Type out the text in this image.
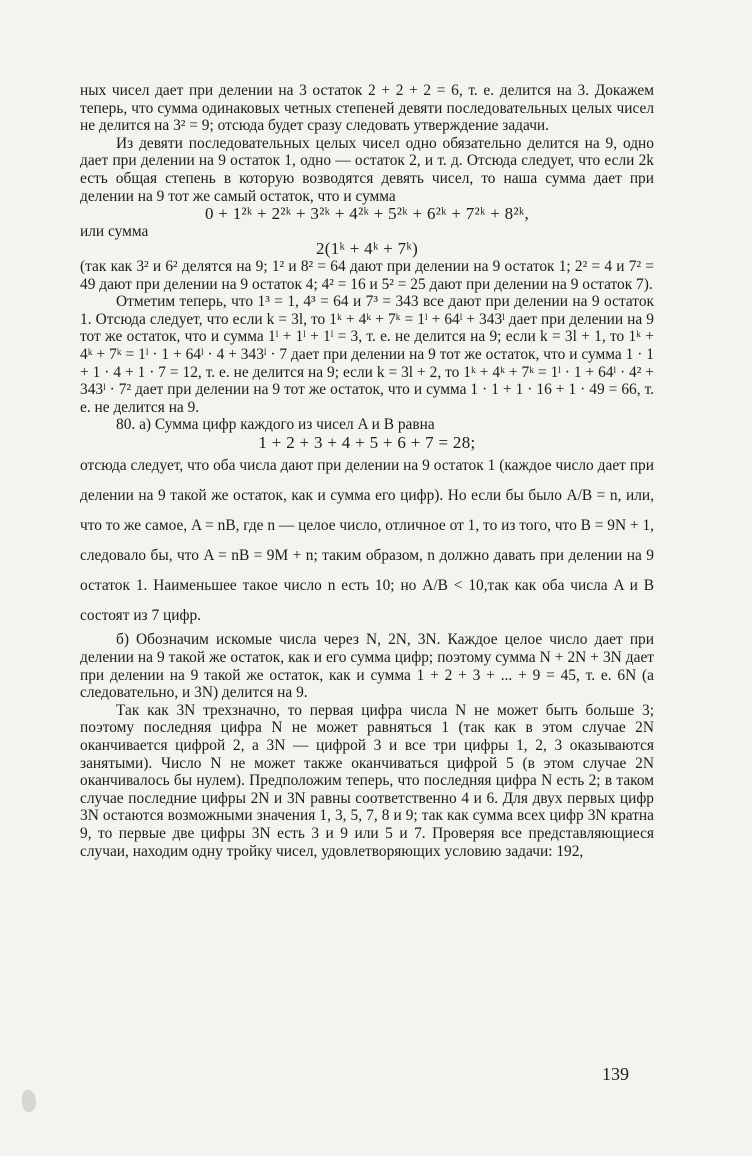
ных чисел дает при делении на 3 остаток 2 + 2 + 2 = 6, т. е. делится на 3. Докажем теперь, что сумма одинаковых четных степеней девяти последовательных целых чисел не делится на 3² = 9; отсюда будет сразу следовать утверждение задачи.

Из девяти последовательных целых чисел одно обязательно делится на 9, одно дает при делении на 9 остаток 1, одно — остаток 2, и т. д. Отсюда следует, что если 2k есть общая степень в которую возводятся девять чисел, то наша сумма дает при делении на 9 тот же самый остаток, что и сумма

0 + 1²ᵏ + 2²ᵏ + 3²ᵏ + 4²ᵏ + 5²ᵏ + 6²ᵏ + 7²ᵏ + 8²ᵏ,

или сумма

2(1ᵏ + 4ᵏ + 7ᵏ)

(так как 3² и 6² делятся на 9; 1² и 8² = 64 дают при делении на 9 остаток 1; 2² = 4 и 7² = 49 дают при делении на 9 остаток 4; 4² = 16 и 5² = 25 дают при делении на 9 остаток 7).

Отметим теперь, что 1³ = 1, 4³ = 64 и 7³ = 343 все дают при делении на 9 остаток 1. Отсюда следует, что если k = 3l, то 1ᵏ + 4ᵏ + 7ᵏ = 1ˡ + 64ˡ + 343ˡ дает при делении на 9 тот же остаток, что и сумма 1ˡ + 1ˡ + 1ˡ = 3, т. е. не делится на 9; если k = 3l + 1, то 1ᵏ + 4ᵏ + 7ᵏ = 1ˡ · 1 + 64ˡ · 4 + 343ˡ · 7 дает при делении на 9 тот же остаток, что и сумма 1 · 1 + 1 · 4 + 1 · 7 = 12, т. е. не делится на 9; если k = 3l + 2, то 1ᵏ + 4ᵏ + 7ᵏ = 1ˡ · 1 + 64ˡ · 4² + 343ˡ · 7² дает при делении на 9 тот же остаток, что и сумма 1 · 1 + 1 · 16 + 1 · 49 = 66, т. е. не делится на 9.

80. а) Сумма цифр каждого из чисел A и B равна

1 + 2 + 3 + 4 + 5 + 6 + 7 = 28;

отсюда следует, что оба числа дают при делении на 9 остаток 1 (каждое число дает при делении на 9 такой же остаток, как и сумма его цифр). Но если бы было A/B = n, или, что то же самое, A = nB, где n — целое число, отличное от 1, то из того, что B = 9N + 1, следовало бы, что A = nB = 9M + n; таким образом, n должно давать при делении на 9 остаток 1. Наименьшее такое число n есть 10; но A/B < 10,так как оба числа A и B состоят из 7 цифр.

б) Обозначим искомые числа через N, 2N, 3N. Каждое целое число дает при делении на 9 такой же остаток, как и его сумма цифр; поэтому сумма N + 2N + 3N дает при делении на 9 такой же остаток, как и сумма 1 + 2 + 3 + ... + 9 = 45, т. е. 6N (а следовательно, и 3N) делится на 9.

Так как 3N трехзначно, то первая цифра числа N не может быть больше 3; поэтому последняя цифра N не может равняться 1 (так как в этом случае 2N оканчивается цифрой 2, а 3N — цифрой 3 и все три цифры 1, 2, 3 оказываются занятыми). Число N не может также оканчиваться цифрой 5 (в этом случае 2N оканчивалось бы нулем). Предположим теперь, что последняя цифра N есть 2; в таком случае последние цифры 2N и 3N равны соответственно 4 и 6. Для двух первых цифр 3N остаются возможными значения 1, 3, 5, 7, 8 и 9; так как сумма всех цифр 3N кратна 9, то первые две цифры 3N есть 3 и 9 или 5 и 7. Проверяя все представляющиеся случаи, находим одну тройку чисел, удовлетворяющих условию задачи: 192,

139
